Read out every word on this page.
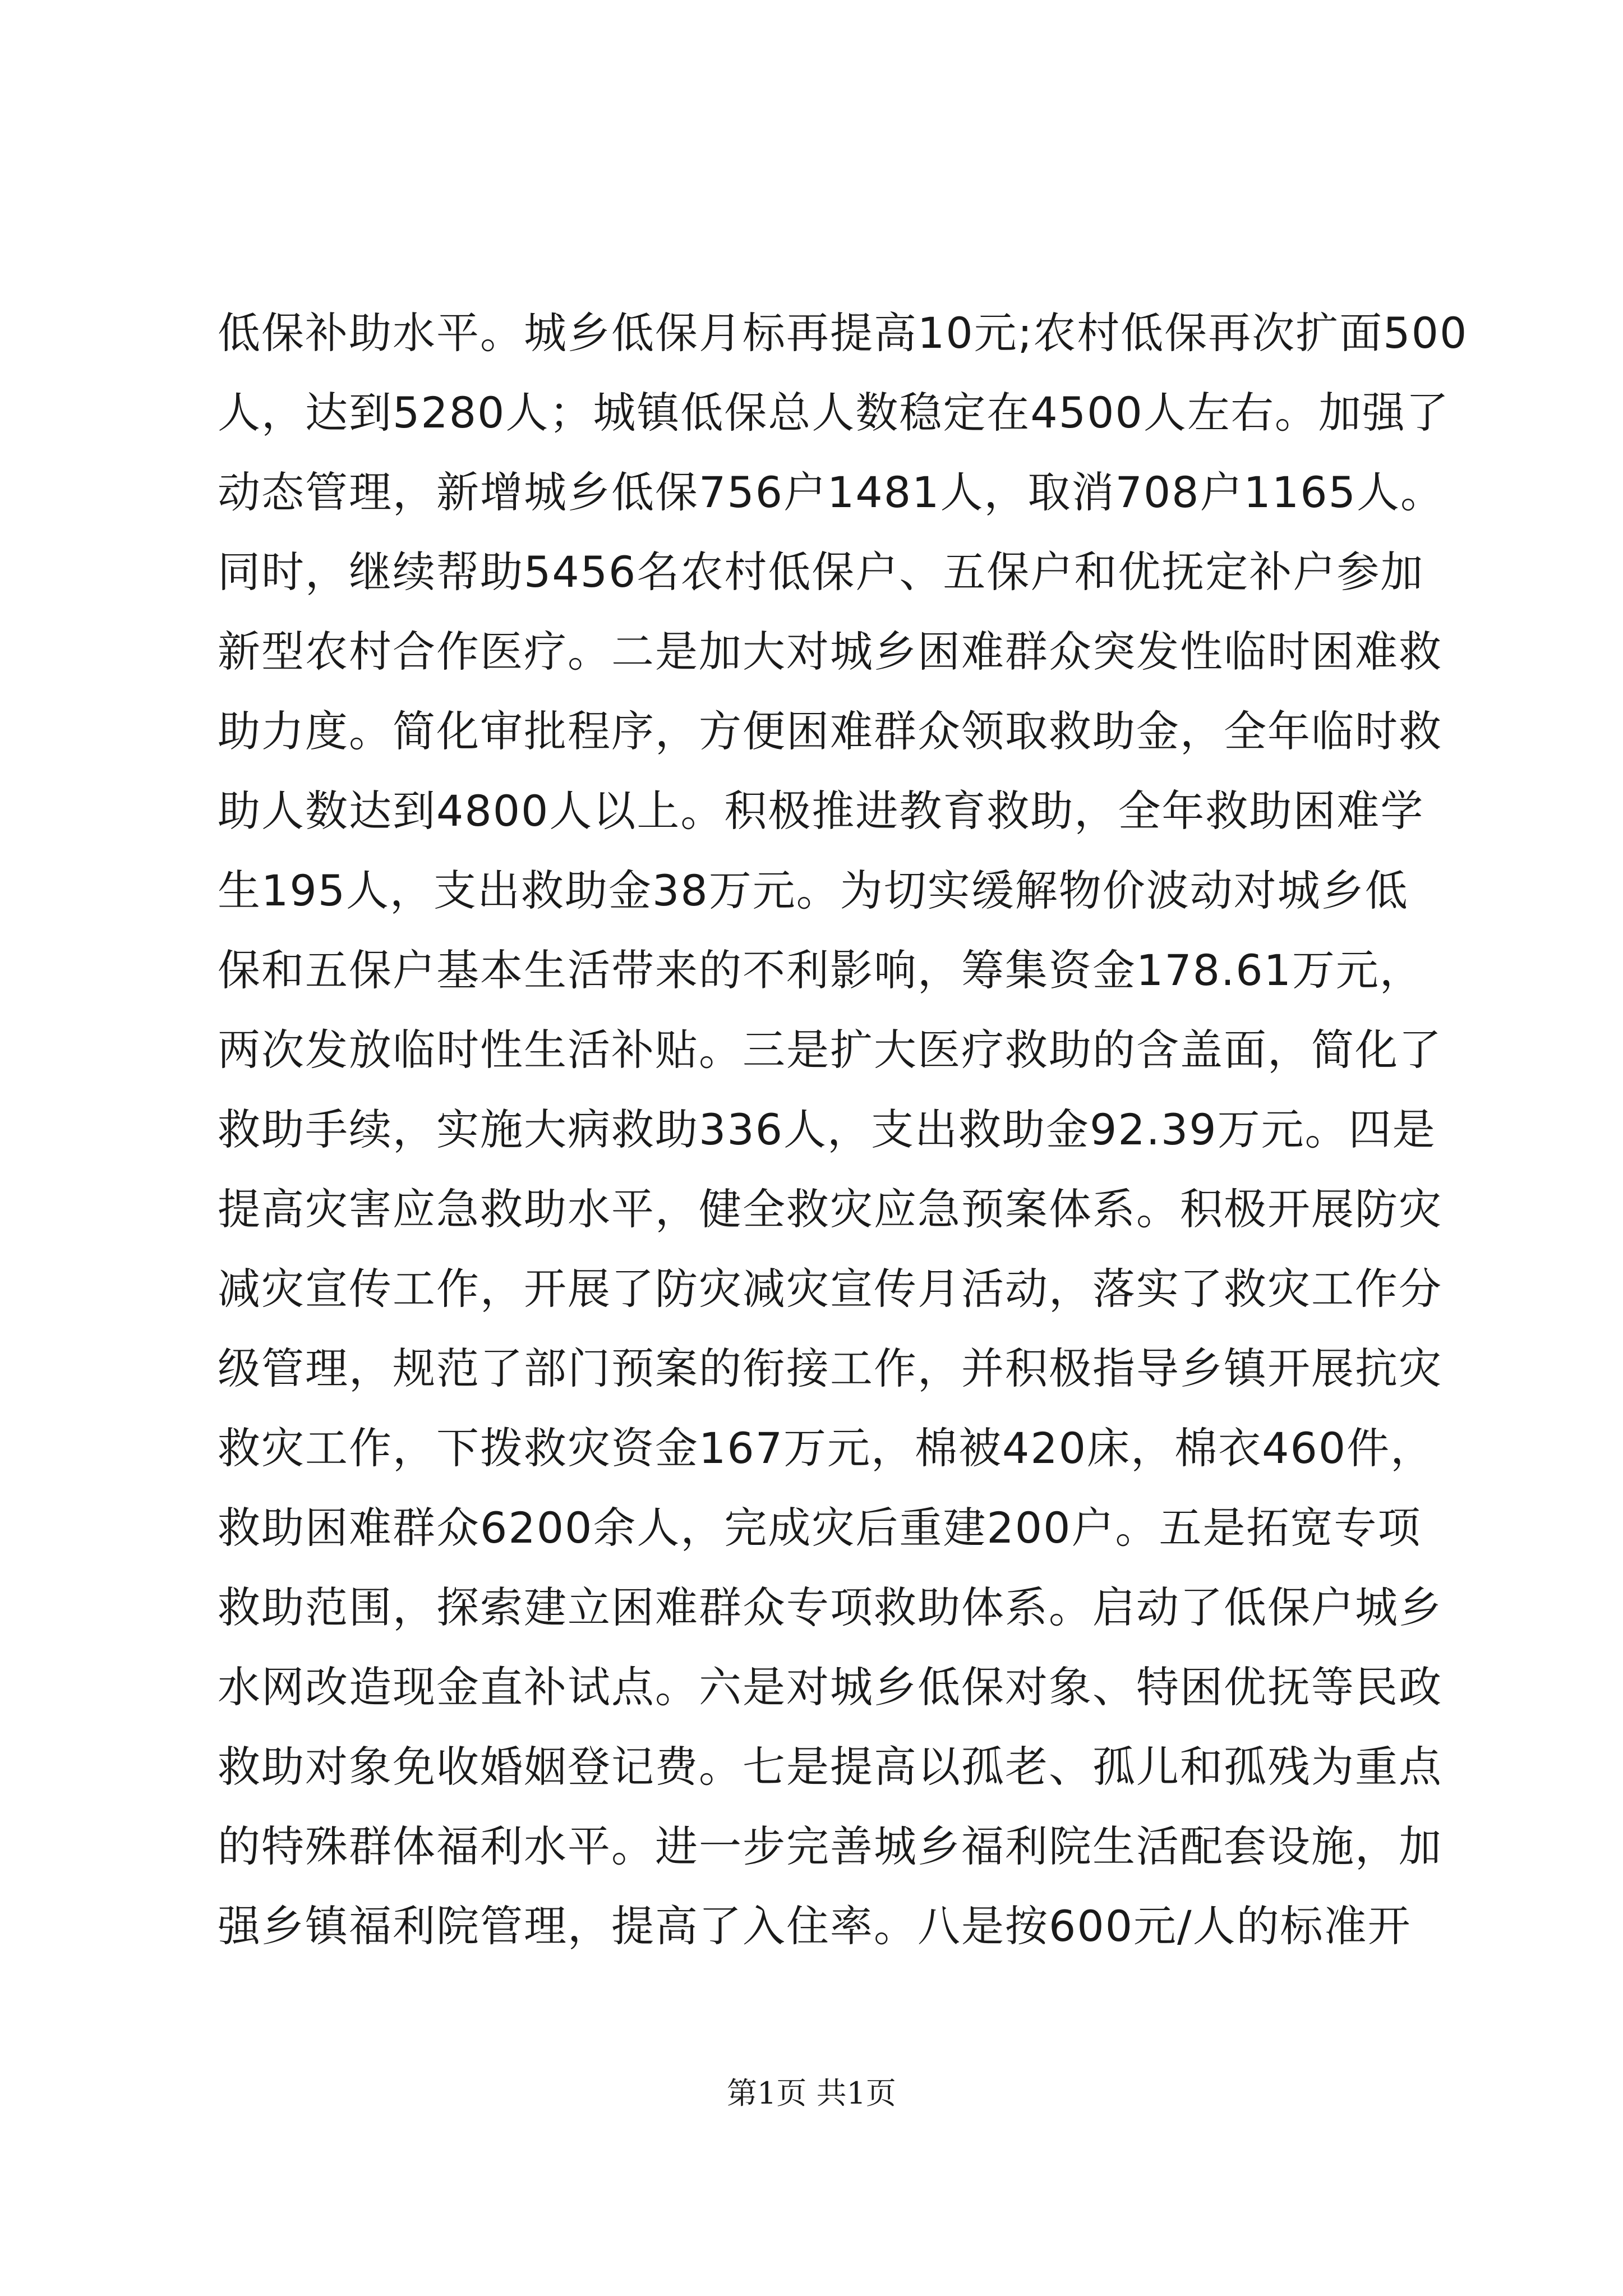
低保补助水平。城乡低保月标再提高10元;农村低保再次扩面500
人，达到5280人；城镇低保总人数稳定在4500人左右。加强了
动态管理，新增城乡低保756户1481人，取消708户1165人。
同时，继续帮助5456名农村低保户、五保户和优抚定补户参加
新型农村合作医疗。二是加大对城乡困难群众突发性临时困难救
助力度。简化审批程序，方便困难群众领取救助金，全年临时救
助人数达到4800人以上。积极推进教育救助，全年救助困难学
生195人，支出救助金38万元。为切实缓解物价波动对城乡低
保和五保户基本生活带来的不利影响，筹集资金178.61万元，
两次发放临时性生活补贴。三是扩大医疗救助的含盖面，简化了
救助手续，实施大病救助336人，支出救助金92.39万元。四是
提高灾害应急救助水平，健全救灾应急预案体系。积极开展防灾
减灾宣传工作，开展了防灾减灾宣传月活动，落实了救灾工作分
级管理，规范了部门预案的衔接工作，并积极指导乡镇开展抗灾
救灾工作，下拨救灾资金167万元，棉被420床，棉衣460件，
救助困难群众6200余人，完成灾后重建200户。五是拓宽专项
救助范围，探索建立困难群众专项救助体系。启动了低保户城乡
水网改造现金直补试点。六是对城乡低保对象、特困优抚等民政
救助对象免收婚姻登记费。七是提高以孤老、孤儿和孤残为重点
的特殊群体福利水平。进一步完善城乡福利院生活配套设施，加
强乡镇福利院管理，提高了入住率。八是按600元/人的标准开
第1页 共1页
